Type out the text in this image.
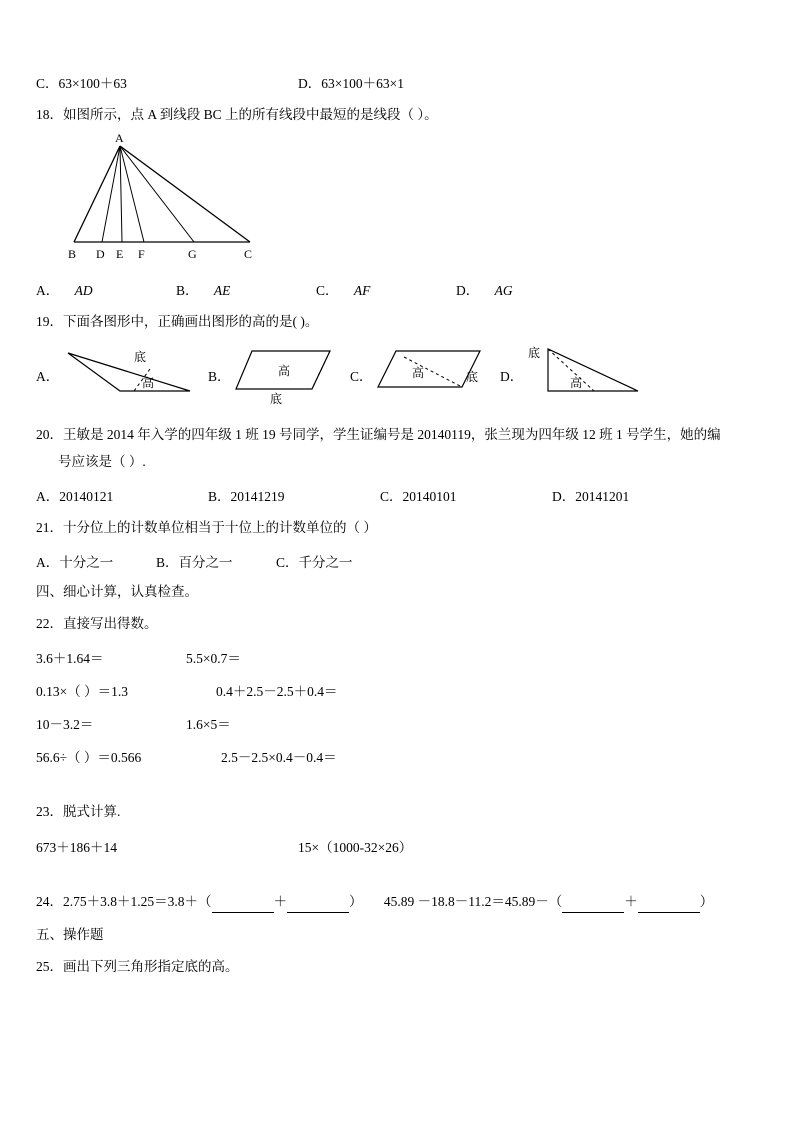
C．63×100＋63	D．63×100＋63×1
18．如图所示，点 A 到线段 BC 上的所有线段中最短的是线段（ ）。
A
B D E F	G	C
A． AD	B． AE	C． AF	D． AG
19．下面各图形中，正确画出图形的高的是( )。
A．
底
高	B．	高
底
C．	高	底 D．
底
高
20．王敏是 2014 年入学的四年级 1 班 19 号同学，学生证编号是 20140119，张兰现为四年级 12 班 1 号学生，她的编
号应该是（ ）.
A．20140121	B．20141219	C．20140101	D．20141201
21．十分位上的计数单位相当于十位上的计数单位的（ ）
A．十分之一	B．百分之一	C．千分之一
四、细心计算，认真检查。
22．直接写出得数。
3.6＋1.64＝	5.5×0.7＝
0.13×（ ）＝1.3	0.4＋2.5－2.5＋0.4＝
10－3.2＝	1.6×5＝
56.6÷（ ）＝0.566	2.5－2.5×0.4－0.4＝
23．脱式计算.
673＋186＋14	15×（1000-32×26）
24．2.75＋3.8＋1.25＝3.8＋（	＋	） 45.89 －18.8－11.2＝45.89－（	＋	）
五、操作题
25．画出下列三角形指定底的高。
